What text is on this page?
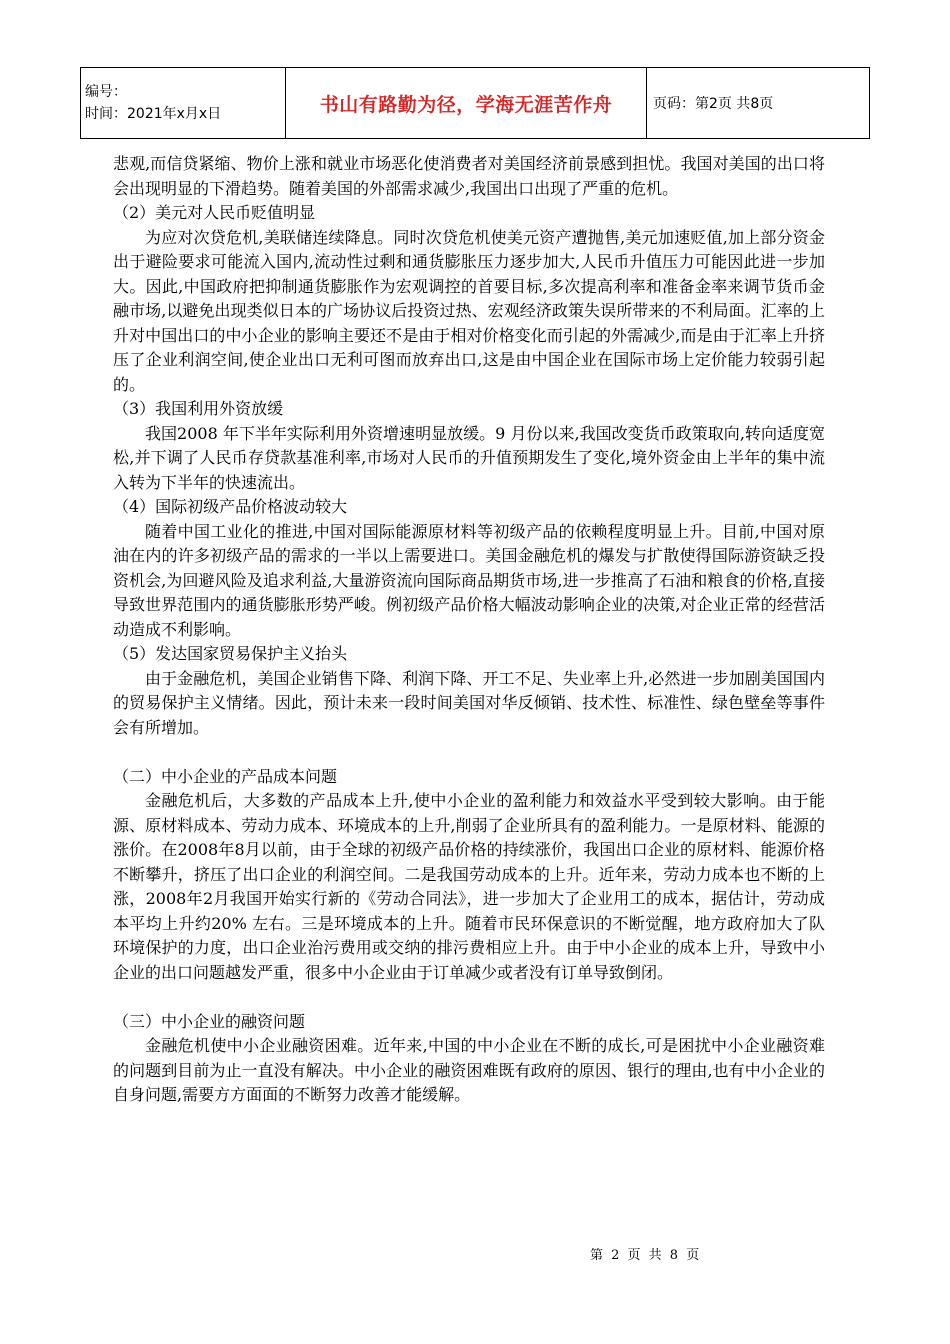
编号：
时间：2021年x月x日	书山有路勤为径，学海无涯苦作舟	页码：第2页 共8页

悲观,而信贷紧缩、物价上涨和就业市场恶化使消费者对美国经济前景感到担忧。我国对美国的出口将会出现明显的下滑趋势。随着美国的外部需求减少,我国出口出现了严重的危机。

（2）美元对人民币贬值明显

为应对次贷危机,美联储连续降息。同时次贷危机使美元资产遭抛售,美元加速贬值,加上部分资金出于避险要求可能流入国内,流动性过剩和通货膨胀压力逐步加大,人民币升值压力可能因此进一步加大。因此,中国政府把抑制通货膨胀作为宏观调控的首要目标,多次提高利率和准备金率来调节货币金融市场,以避免出现类似日本的广场协议后投资过热、宏观经济政策失误所带来的不利局面。汇率的上升对中国出口的中小企业的影响主要还不是由于相对价格变化而引起的外需减少,而是由于汇率上升挤压了企业利润空间,使企业出口无利可图而放弃出口,这是由中国企业在国际市场上定价能力较弱引起的。

（3）我国利用外资放缓

我国2008 年下半年实际利用外资增速明显放缓。9 月份以来,我国改变货币政策取向,转向适度宽松,并下调了人民币存贷款基准利率,市场对人民币的升值预期发生了变化,境外资金由上半年的集中流入转为下半年的快速流出。

（4）国际初级产品价格波动较大

随着中国工业化的推进,中国对国际能源原材料等初级产品的依赖程度明显上升。目前,中国对原油在内的许多初级产品的需求的一半以上需要进口。美国金融危机的爆发与扩散使得国际游资缺乏投资机会,为回避风险及追求利益,大量游资流向国际商品期货市场,进一步推高了石油和粮食的价格,直接导致世界范围内的通货膨胀形势严峻。例初级产品价格大幅波动影响企业的决策,对企业正常的经营活动造成不利影响。

（5）发达国家贸易保护主义抬头

由于金融危机，美国企业销售下降、利润下降、开工不足、失业率上升,必然进一步加剧美国国内的贸易保护主义情绪。因此，预计未来一段时间美国对华反倾销、技术性、标准性、绿色壁垒等事件会有所增加。

（二）中小企业的产品成本问题

金融危机后，大多数的产品成本上升,使中小企业的盈利能力和效益水平受到较大影响。由于能源、原材料成本、劳动力成本、环境成本的上升,削弱了企业所具有的盈利能力。一是原材料、能源的涨价。在2008年8月以前，由于全球的初级产品价格的持续涨价，我国出口企业的原材料、能源价格不断攀升，挤压了出口企业的利润空间。二是我国劳动成本的上升。近年来，劳动力成本也不断的上涨，2008年2月我国开始实行新的《劳动合同法》，进一步加大了企业用工的成本，据估计，劳动成本平均上升约20% 左右。三是环境成本的上升。随着市民环保意识的不断觉醒，地方政府加大了队环境保护的力度，出口企业治污费用或交纳的排污费相应上升。由于中小企业的成本上升，导致中小企业的出口问题越发严重，很多中小企业由于订单减少或者没有订单导致倒闭。

（三）中小企业的融资问题

金融危机使中小企业融资困难。近年来,中国的中小企业在不断的成长,可是困扰中小企业融资难的问题到目前为止一直没有解决。中小企业的融资困难既有政府的原因、银行的理由,也有中小企业的自身问题,需要方方面面的不断努力改善才能缓解。

第 2 页 共 8 页
